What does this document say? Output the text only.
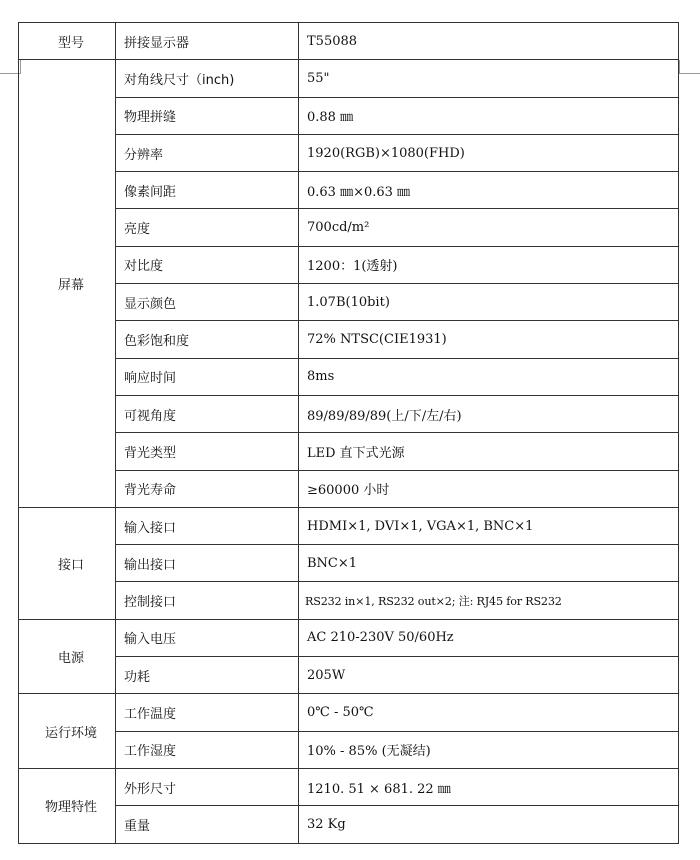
型号	拼接显示器	T55088
屏幕	对角线尺寸（inch)	55"
	物理拼缝	0.88 ㎜
	分辨率	1920(RGB)×1080(FHD)
	像素间距	0.63 ㎜×0.63 ㎜
	亮度	700cd/m²
	对比度	1200：1(透射)
	显示颜色	1.07B(10bit)
	色彩饱和度	72% NTSC(CIE1931)
	响应时间	8ms
	可视角度	89/89/89/89(上/下/左/右)
	背光类型	LED 直下式光源
	背光寿命	≥60000 小时
接口	输入接口	HDMI×1, DVI×1, VGA×1, BNC×1
	输出接口	BNC×1
	控制接口	RS232 in×1, RS232 out×2; 注: RJ45 for RS232
电源	输入电压	AC 210-230V 50/60Hz
	功耗	205W
运行环境	工作温度	0℃ - 50℃
	工作湿度	10% - 85% (无凝结)
物理特性	外形尺寸	1210. 51 × 681. 22 ㎜
	重量	32 Kg
